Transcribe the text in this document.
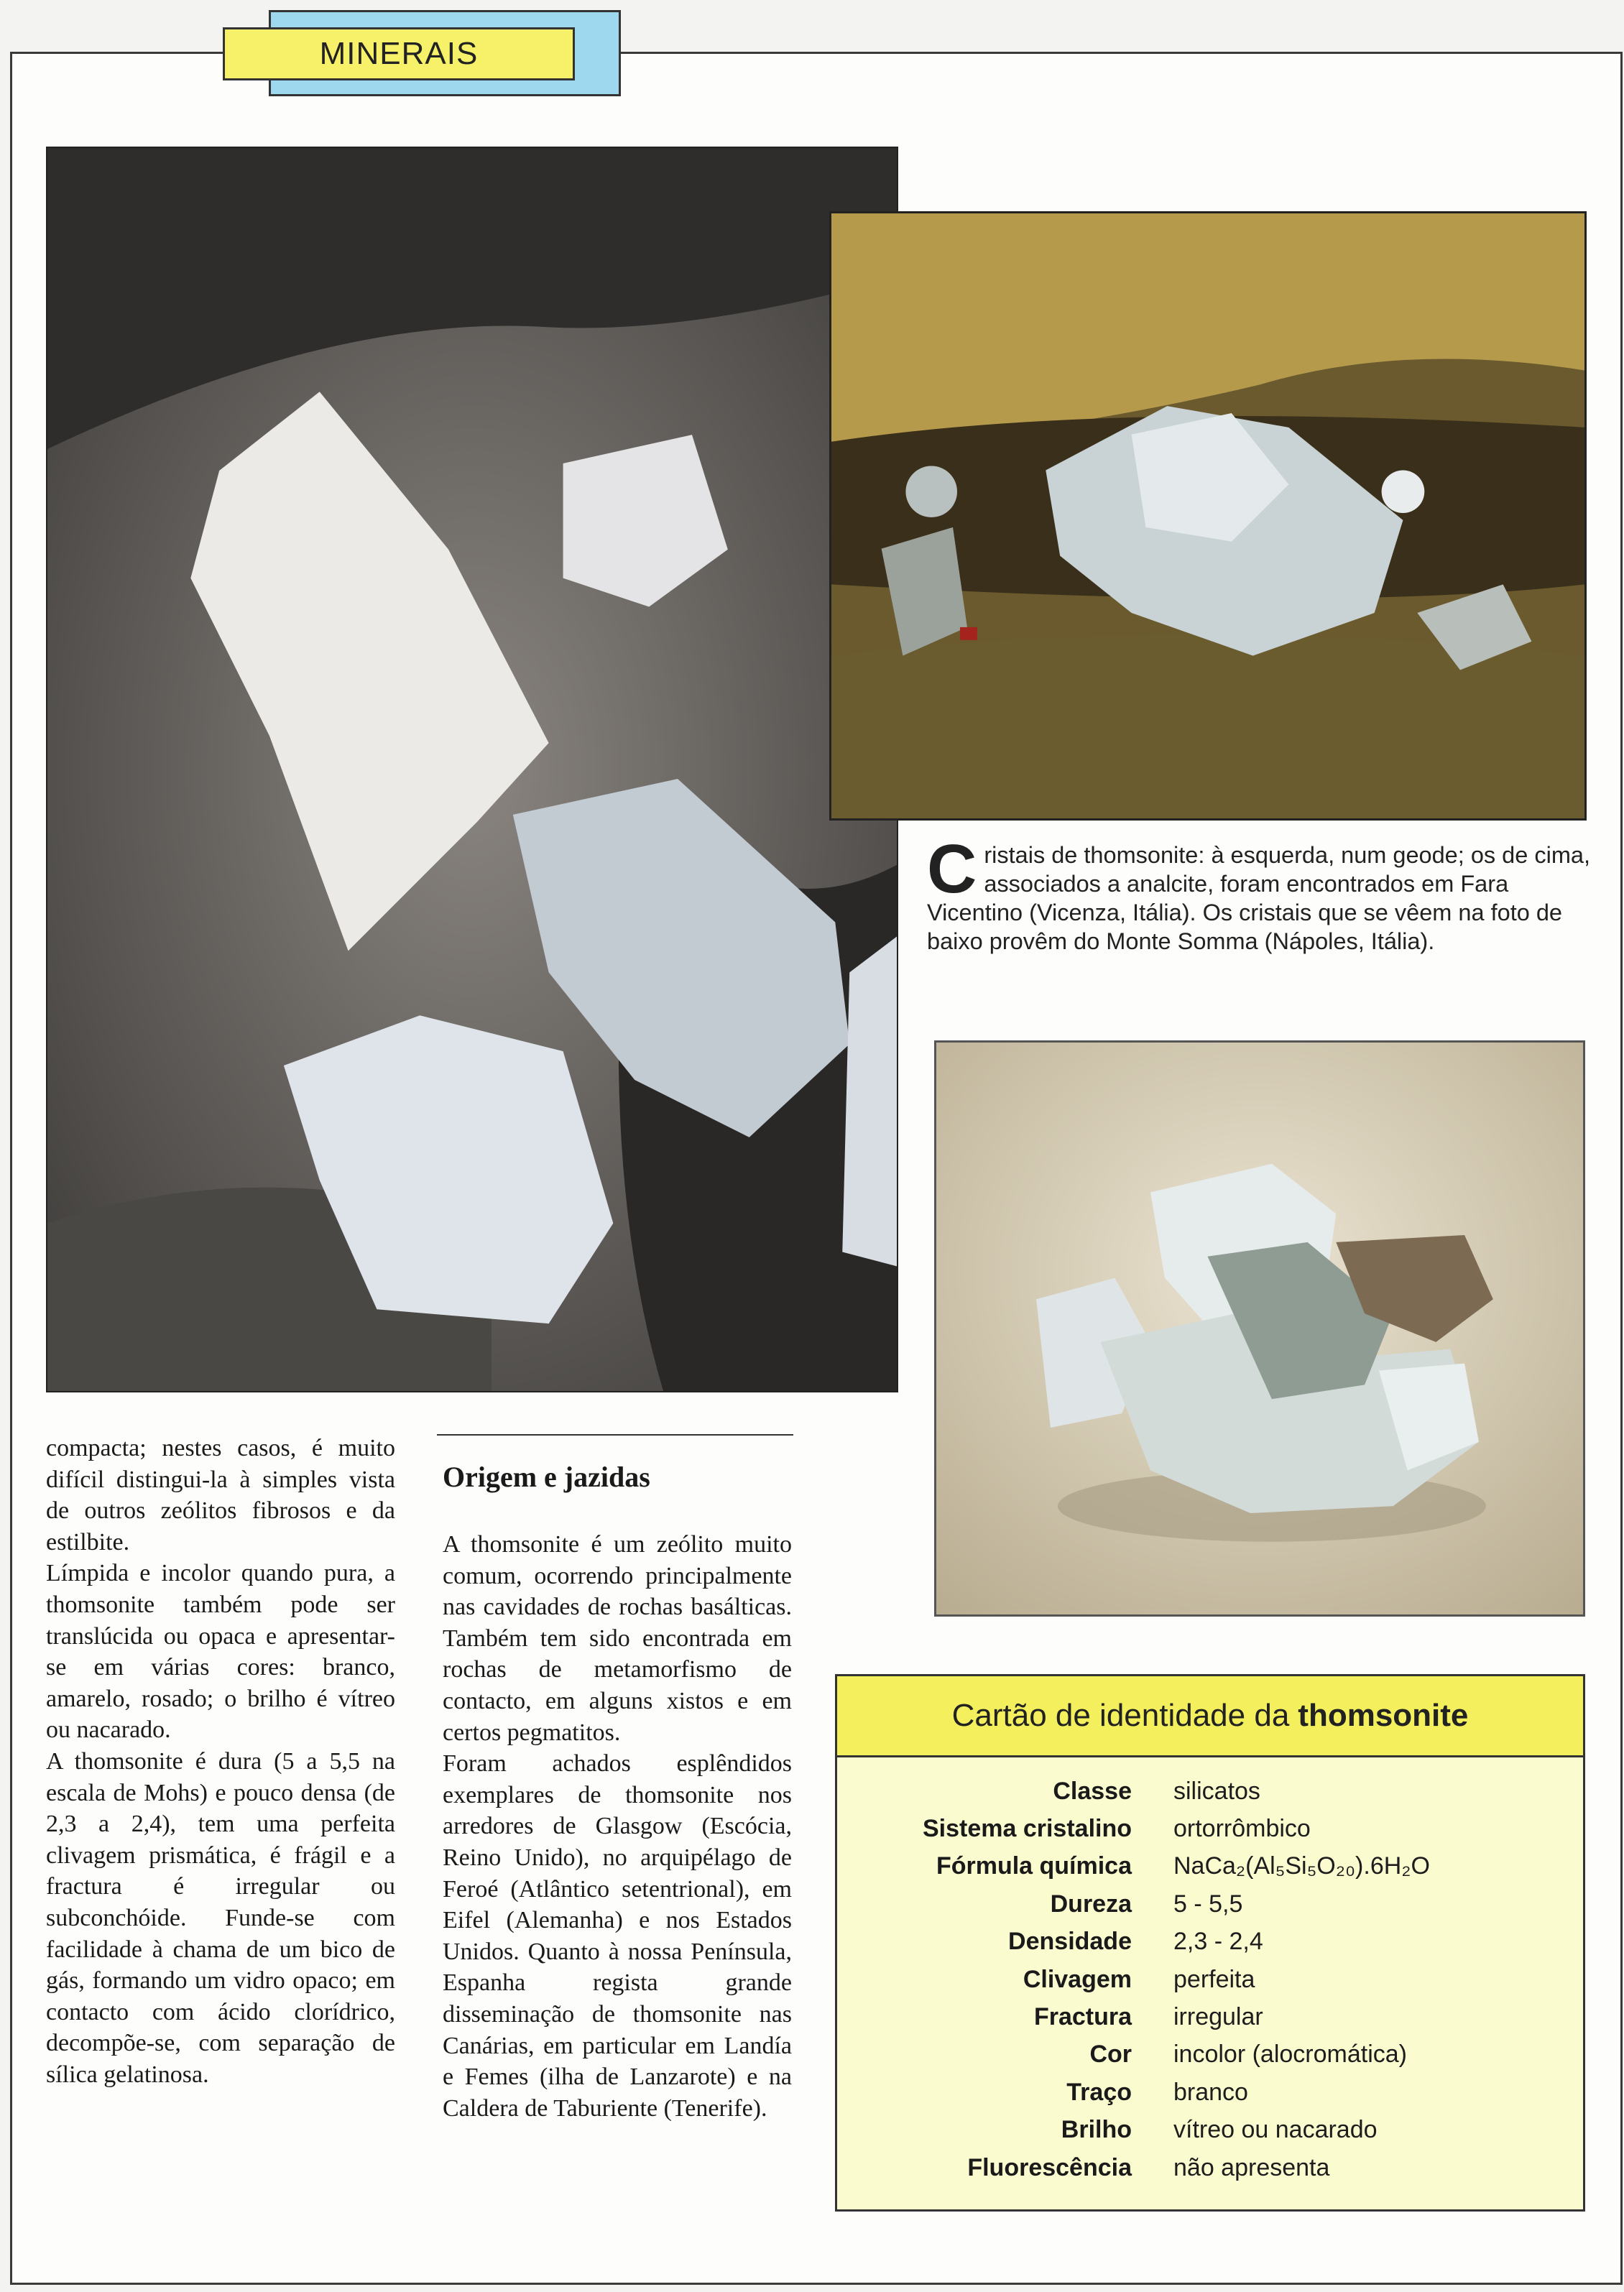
MINERAIS
Cristais de thomsonite: à esquerda, num geode; os de cima, associados a analcite, foram encontrados em Fara Vicentino (Vicenza, Itália). Os cristais que se vêem na foto de baixo provêm do Monte Somma (Nápoles, Itália).

compacta; nestes casos, é muito difícil distingui-la à simples vista de outros zeólitos fibrosos e da estilbite.

Límpida e incolor quando pura, a thomsonite também pode ser translúcida ou opaca e apresentar-se em várias cores: branco, amarelo, rosado; o brilho é vítreo ou nacarado.

A thomsonite é dura (5 a 5,5 na escala de Mohs) e pouco densa (de 2,3 a 2,4), tem uma perfeita clivagem prismática, é frágil e a fractura é irregular ou subconchóide. Funde-se com facilidade à chama de um bico de gás, formando um vidro opaco; em contacto com ácido clorídrico, decompõe-se, com separação de sílica gelatinosa.

Origem e jazidas

A thomsonite é um zeólito muito comum, ocorrendo principalmente nas cavidades de rochas basálticas. Também tem sido encontrada em rochas de metamorfismo de contacto, em alguns xistos e em certos pegmatitos.

Foram achados esplêndidos exemplares de thomsonite nos arredores de Glasgow (Escócia, Reino Unido), no arquipélago de Feroé (Atlântico setentrional), em Eifel (Alemanha) e nos Estados Unidos. Quanto à nossa Península, Espanha regista grande disseminação de thomsonite nas Canárias, em particular em Landía e Femes (ilha de Lanzarote) e na Caldera de Taburiente (Tenerife).

Cartão de identidade da thomsonite
Classe	silicatos
Sistema cristalino	ortorrômbico
Fórmula química	NaCa₂(Al₅Si₅O₂₀).6H₂O
Dureza	5 - 5,5
Densidade	2,3 - 2,4
Clivagem	perfeita
Fractura	irregular
Cor	incolor (alocromática)
Traço	branco
Brilho	vítreo ou nacarado
Fluorescência	não apresenta
